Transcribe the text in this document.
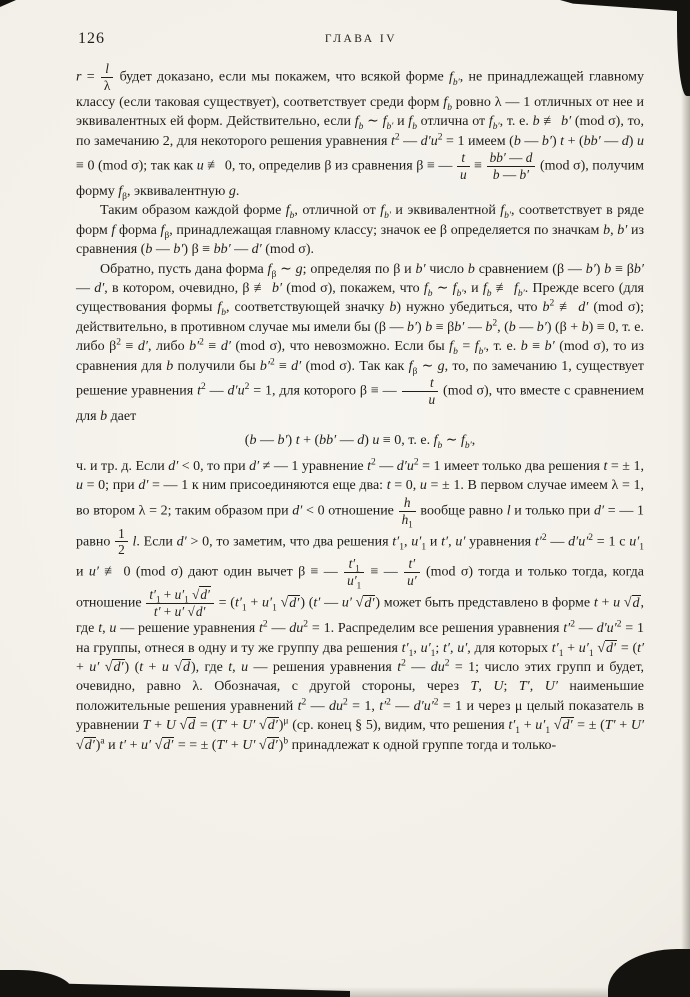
126	ГЛАВА IV

$r = \frac{l}{\lambda}$ будет доказано, если мы покажем, что всякой форме $f_{b'}$, не принадлежащей главному классу (если таковая существует), соответствует среди форм $f_b$ ровно λ — 1 отличных от нее и эквивалентных ей форм. Действительно, если $f_b$ ∼ $f_{b'}$ и $f_b$ отлична от $f_{b'}$, т. е. b ≢ b′ (mod σ), то, по замечанию 2, для некоторого решения уравнения $t^2$ — $d'u^2 = 1$ имеем (b — b′) t + (bb′ — d) u ≡ 0 (mod σ); так как u ≢ 0, то, определив β из сравнения β ≡ — $\frac{t}{u} \equiv \frac{bb' — d}{b — b'} (mod$ σ), получим форму $f_\beta$, эквивалентную g.

Таким образом каждой форме $f_b$, отличной от $f_{b'}$ и эквивалентной $f_{b'}$, соответствует в ряде форм f форма $f_\beta$, принадлежащая главному классу; значок ее β определяется по значкам b, b′ из сравнения (b — b′) β ≡ bb′ — d′ (mod σ).

Обратно, пусть дана форма $f_\beta$ ∼ g; определяя по β и b′ число b сравнением (β — b′) b ≡ βb′ — d′, в котором, очевидно, β ≢ b′ (mod σ), покажем, что $f_b$ ∼ $f_{b'}$, и $f_b$ ≢ $f_{b'}$. Прежде всего (для существования формы $f_b$, соответствующей значку b) нужно убедиться, что $b^2$ ≢ d′ (mod σ); действительно, в противном случае мы имели бы (β — b′) b ≡ βb′ — $b^2$, (b — b′) (β + b) ≡ 0, т. е. либо $\beta^2 \equiv d'$, либо $b'^2 \equiv d'$ (mod σ), что невозможно. Если бы $f_b = f_{b'}$, т. е. b ≡ b′ (mod σ), то из сравнения для b получили бы $b'^2 \equiv d'$ (mod σ). Так как $f_\beta$ ∼ g, то, по замечанию 1, существует решение уравнения $t^2$ — $d'u^2 = 1$, для которого β ≡ — $\frac{t}{u} (mod$ σ), что вместе с сравнением для b дает

(b — b′) t + (bb′ — d) u ≡ 0, т. е. $f_b$ ∼ $f_{b'}$,

ч. и тр. д. Если d′ < 0, то при d′ ≠ — 1 уравнение $t^2$ — $d'u^2 = 1$ имеет только два решения t = ± 1, u = 0; при d′ = — 1 к ним присоединяются еще два: t = 0, u = ± 1. В первом случае имеем λ = 1, во втором λ = 2; таким образом при d′ < 0 отношение $\frac{h}{h_1}$ вообще равно l и только при d′ = — 1 равно $\frac{1}{2} l$. Если d′ > 0, то заметим, что два решения $t'_1$, $u'_1$ и t′, u′ уравнения $t'^2$ — $d'u'^2 = 1$ с $u'_1$ и u′ ≢ 0 (mod σ) дают один вычет β ≡ — $\frac{t'_1}{u'_1}$ ≡ — $\frac{t'}{u'} (mod$ σ) тогда и только тогда, когда отношение $\frac{t'_1 + u'_1 √d'}{t' + u' √d'} = (t'_1 + u'_1$ √d′) (t′ — u′ √d′) может быть представлено в форме t + u √d, где t, u — решение уравнения $t^2$ — $du^2 = 1$. Распределим все решения уравнения $t'^2$ — $d'u'^2 = 1$ на группы, отнеся в одну и ту же группу два решения $t'_1$, $u'_1$; t′, u′, для которых $t'_1 + u'_1$ √d′ = (t′ + u′ √d′) (t + u √d), где t, u — решения уравнения $t^2$ — $du^2 = 1$; число этих групп и будет, очевидно, равно λ. Обозначая, с другой стороны, через T, U; T′, U′ наименьшие положительные решения уравнений $t^2$ — $du^2 = 1$, $t'^2$ — $d'u'^2 = 1$ и через μ целый показатель в уравнении T + U √d = (T′ + U′ √d′)$^\mu$ (ср. конец § 5), видим, что решения $t'_1 + u'_1$ √d′ = ± (T′ + U′ √d′)$^a$ и t′ + u′ √d′ = = ± (T′ + U′ √d′)$^b$ принадлежат к одной группе тогда и только-
